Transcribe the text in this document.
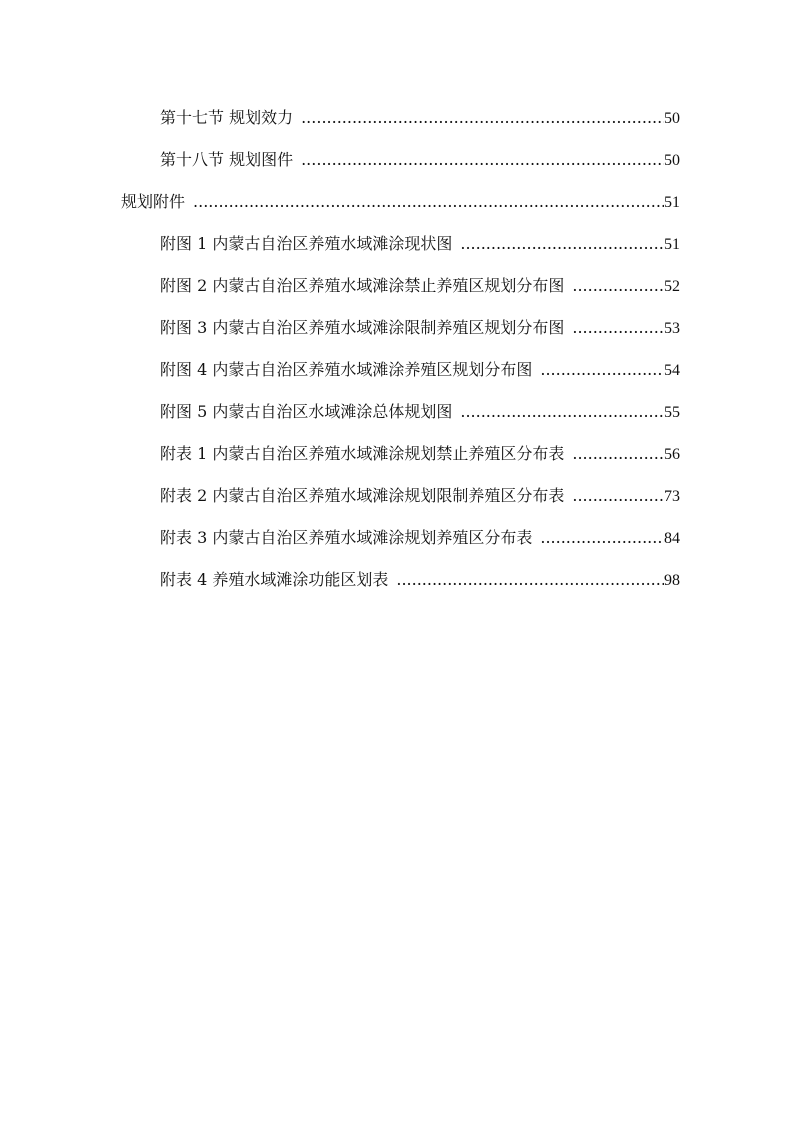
第十七节 规划效力 .....	50
第十八节 规划图件 .....	50
规划附件 .....	51
附图 1 内蒙古自治区养殖水域滩涂现状图 .....	51
附图 2 内蒙古自治区养殖水域滩涂禁止养殖区规划分布图 .....	52
附图 3 内蒙古自治区养殖水域滩涂限制养殖区规划分布图 .....	53
附图 4 内蒙古自治区养殖水域滩涂养殖区规划分布图 .....	54
附图 5 内蒙古自治区水域滩涂总体规划图 .....	55
附表 1 内蒙古自治区养殖水域滩涂规划禁止养殖区分布表 .....	56
附表 2 内蒙古自治区养殖水域滩涂规划限制养殖区分布表 .....	73
附表 3 内蒙古自治区养殖水域滩涂规划养殖区分布表 .....	84
附表 4 养殖水域滩涂功能区划表 .....	98
